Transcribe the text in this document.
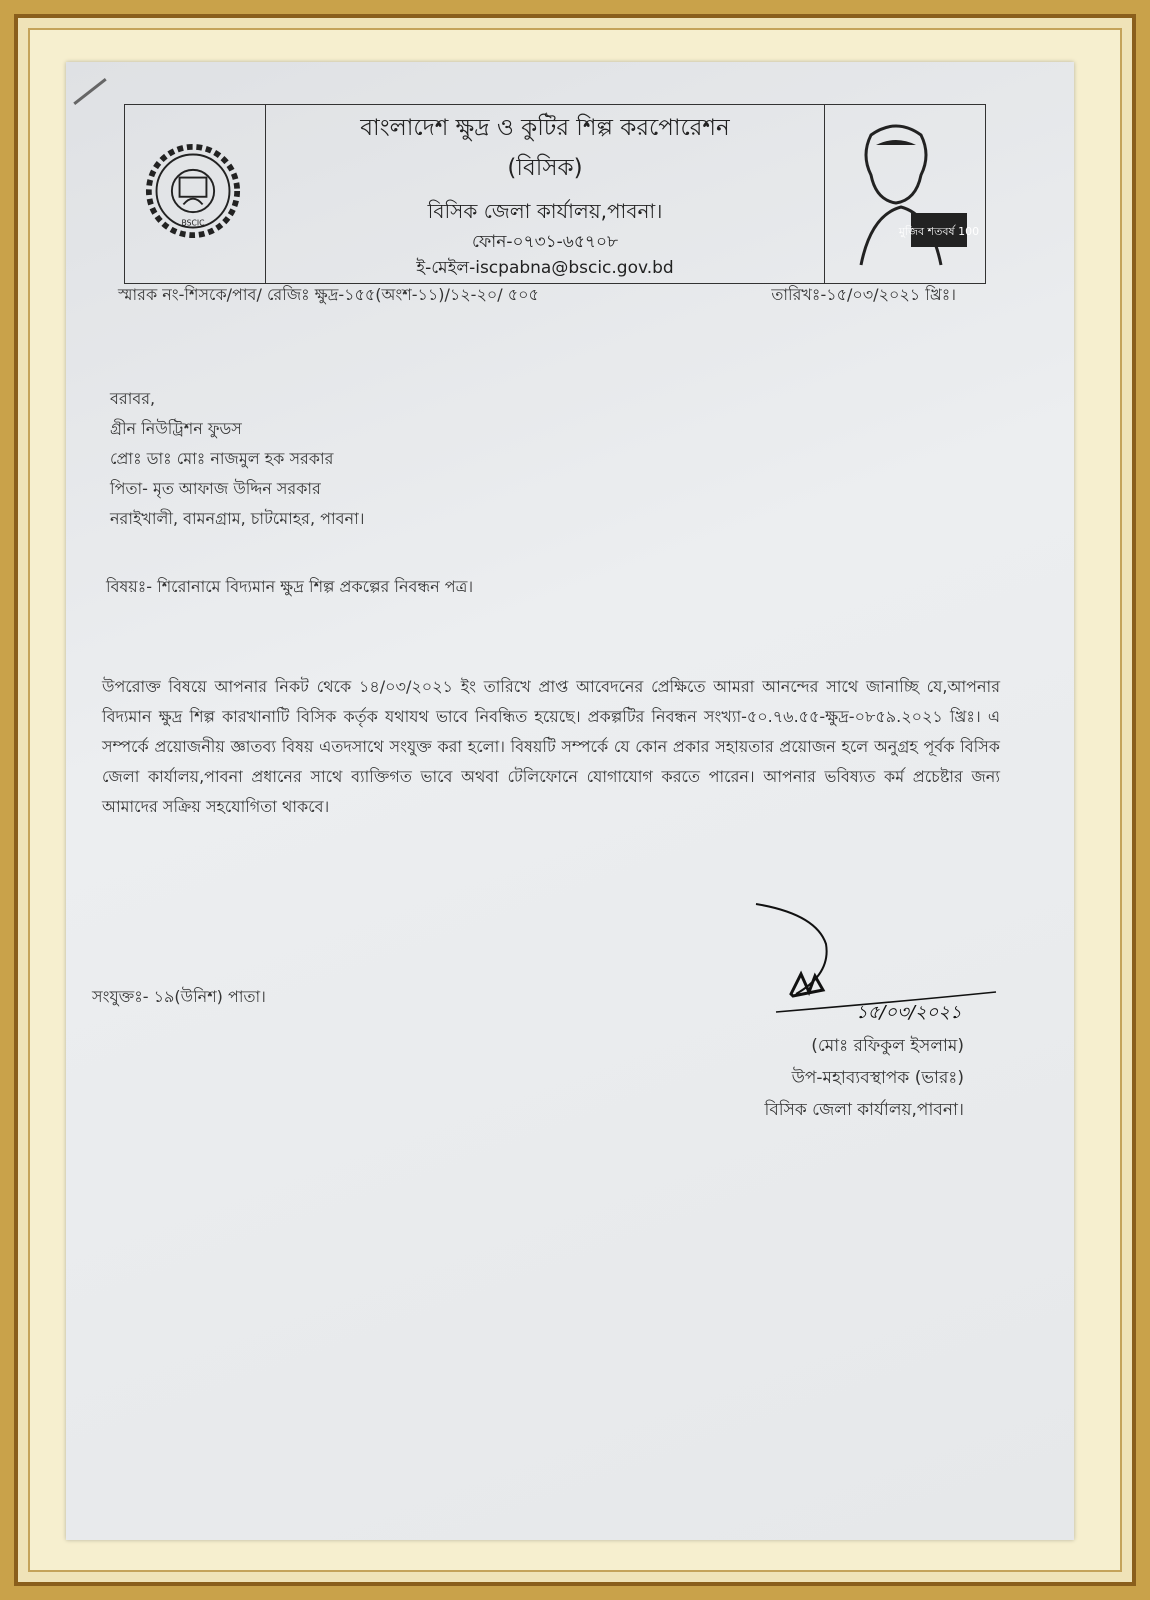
BSCIC
বাংলাদেশ ক্ষুদ্র ও কুটির শিল্প করপোরেশন
(বিসিক)
বিসিক জেলা কার্যালয়,পাবনা।
ফোন-০৭৩১-৬৫৭০৮
ই-মেইল-iscpabna@bscic.gov.bd
মুজিব শতবর্ষ 100
স্মারক নং-শিসকে/পাব/ রেজিঃ ক্ষুদ্র-১৫৫(অংশ-১১)/১২-২০/ ৫০৫	তারিখঃ-১৫/০৩/২০২১ খ্রিঃ।
বরাবর,
গ্রীন নিউট্রিশন ফুডস
প্রোঃ ডাঃ মোঃ নাজমুল হক সরকার
পিতা- মৃত আফাজ উদ্দিন সরকার
নরাইখালী, বামনগ্রাম, চাটমোহর, পাবনা।
বিষয়ঃ- শিরোনামে বিদ্যমান ক্ষুদ্র শিল্প প্রকল্পের নিবন্ধন পত্র।
উপরোক্ত বিষয়ে আপনার নিকট থেকে ১৪/০৩/২০২১ ইং তারিখে প্রাপ্ত আবেদনের প্রেক্ষিতে আমরা আনন্দের সাথে জানাচ্ছি যে,আপনার বিদ্যমান ক্ষুদ্র শিল্প কারখানাটি বিসিক কর্তৃক যথাযথ ভাবে নিবন্ধিত হয়েছে। প্রকল্পটির নিবন্ধন সংখ্যা-৫০.৭৬.৫৫-ক্ষুদ্র-০৮৫৯.২০২১ খ্রিঃ। এ সম্পর্কে প্রয়োজনীয় জ্ঞাতব্য বিষয় এতদসাথে সংযুক্ত করা হলো। বিষয়টি সম্পর্কে যে কোন প্রকার সহায়তার প্রয়োজন হলে অনুগ্রহ পূর্বক বিসিক জেলা কার্যালয়,পাবনা প্রধানের সাথে ব্যাক্তিগত ভাবে অথবা টেলিফোনে যোগাযোগ করতে পারেন। আপনার ভবিষ্যত কর্ম প্রচেষ্টার জন্য আমাদের সক্রিয় সহযোগিতা থাকবে।
সংযুক্তঃ- ১৯(উনিশ) পাতা।
১৫/০৩/২০২১
(মোঃ রফিকুল ইসলাম)
উপ-মহাব্যবস্থাপক (ভারঃ)
বিসিক জেলা কার্যালয়,পাবনা।
